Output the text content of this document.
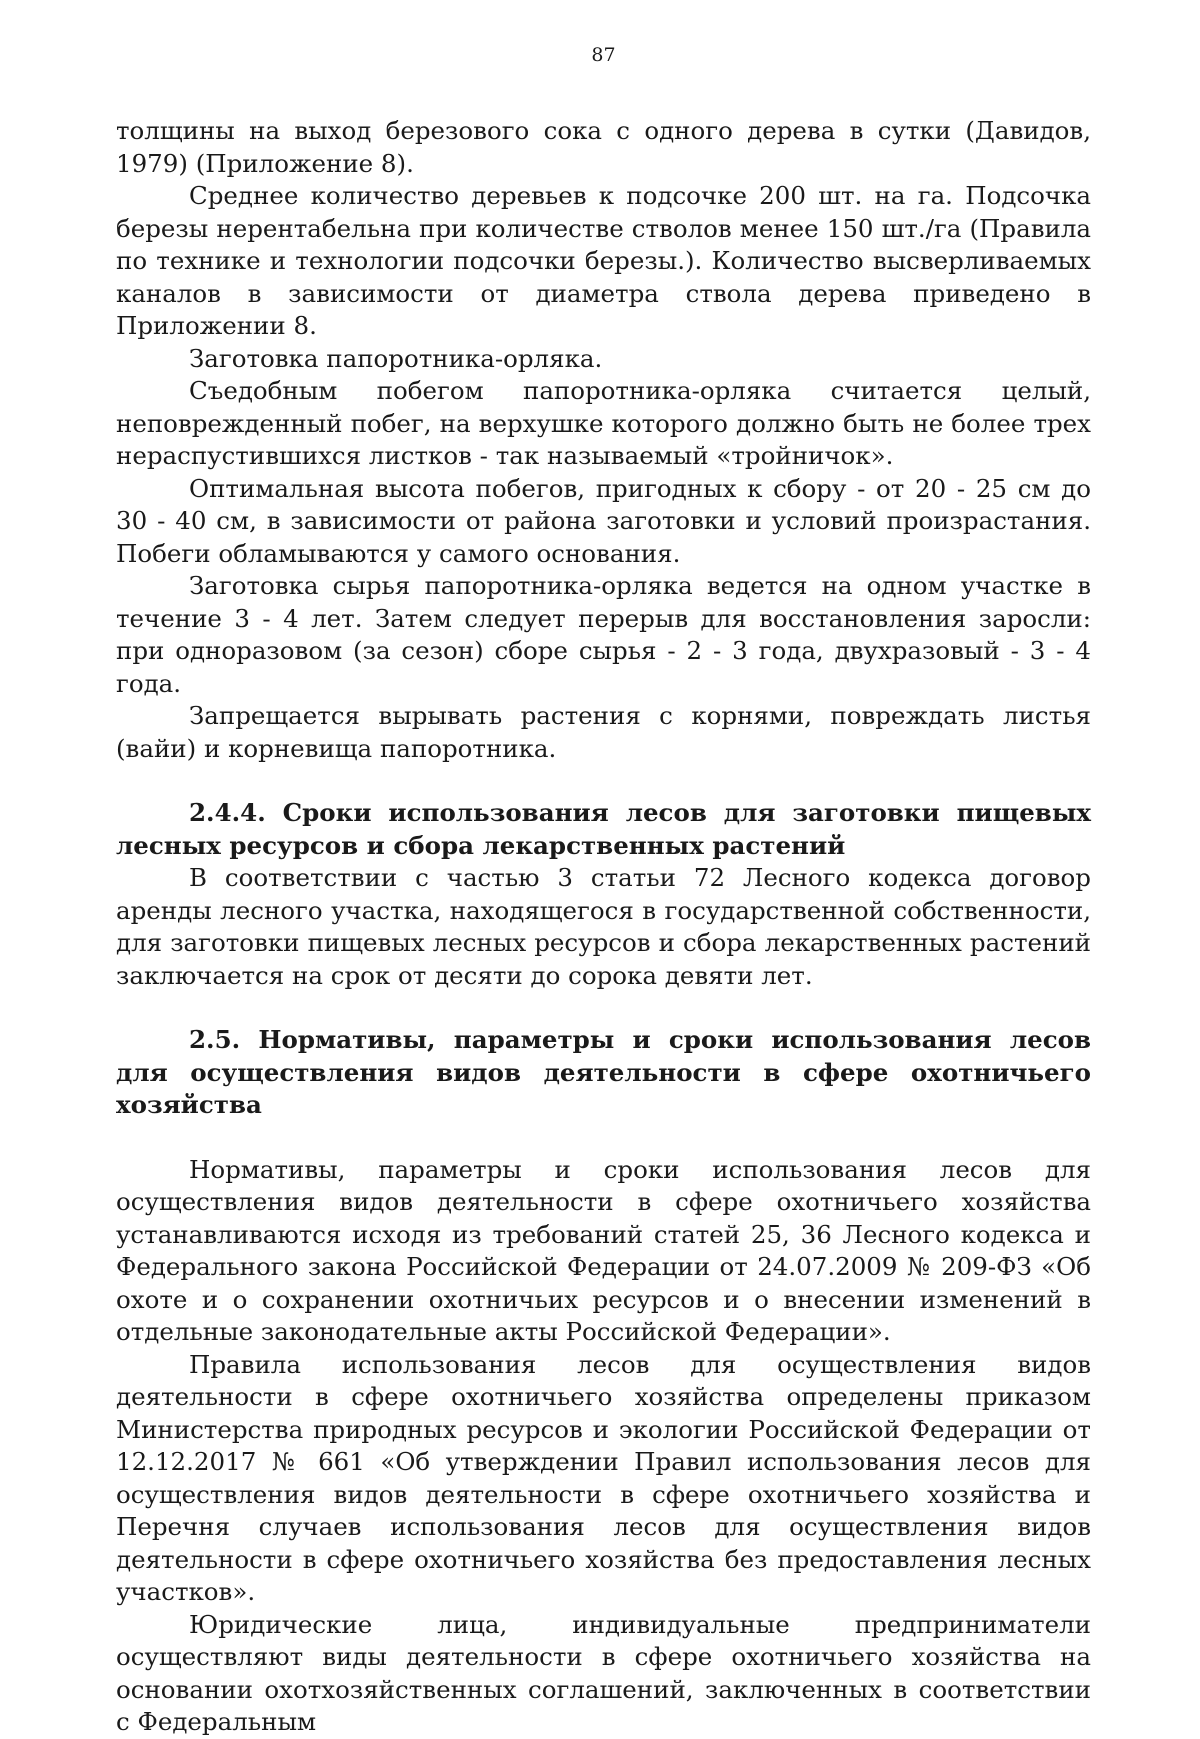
87

толщины на выход березового сока с одного дерева в сутки (Давидов, 1979) (Приложение 8).

Среднее количество деревьев к подсочке 200 шт. на га. Подсочка березы нерентабельна при количестве стволов менее 150 шт./га (Правила по технике и технологии подсочки березы.). Количество высверливаемых каналов в зависимости от диаметра ствола дерева приведено в Приложении 8.

Заготовка папоротника-орляка.

Съедобным побегом папоротника-орляка считается целый, неповрежденный побег, на верхушке которого должно быть не более трех нераспустившихся листков - так называемый «тройничок».

Оптимальная высота побегов, пригодных к сбору - от 20 - 25 см до 30 - 40 см, в зависимости от района заготовки и условий произрастания. Побеги обламываются у самого основания.

Заготовка сырья папоротника-орляка ведется на одном участке в течение 3 - 4 лет. Затем следует перерыв для восстановления заросли: при одноразовом (за сезон) сборе сырья - 2 - 3 года, двухразовый - 3 - 4 года.

Запрещается вырывать растения с корнями, повреждать листья (вайи) и корневища папоротника.

2.4.4. Сроки использования лесов для заготовки пищевых лесных ресурсов и сбора лекарственных растений

В соответствии с частью 3 статьи 72 Лесного кодекса договор аренды лесного участка, находящегося в государственной собственности, для заготовки пищевых лесных ресурсов и сбора лекарственных растений заключается на срок от десяти до сорока девяти лет.

2.5. Нормативы, параметры и сроки использования лесов для осуществления видов деятельности в сфере охотничьего хозяйства

Нормативы, параметры и сроки использования лесов для осуществления видов деятельности в сфере охотничьего хозяйства устанавливаются исходя из требований статей 25, 36 Лесного кодекса и Федерального закона Российской Федерации от 24.07.2009 № 209-ФЗ «Об охоте и о сохранении охотничьих ресурсов и о внесении изменений в отдельные законодательные акты Российской Федерации».

Правила использования лесов для осуществления видов деятельности в сфере охотничьего хозяйства определены приказом Министерства природных ресурсов и экологии Российской Федерации от 12.12.2017 № 661 «Об утверждении Правил использования лесов для осуществления видов деятельности в сфере охотничьего хозяйства и Перечня случаев использования лесов для осуществления видов деятельности в сфере охотничьего хозяйства без предоставления лесных участков».

Юридические лица, индивидуальные предприниматели осуществляют виды деятельности в сфере охотничьего хозяйства на основании охотхозяйственных соглашений, заключенных в соответствии с Федеральным
